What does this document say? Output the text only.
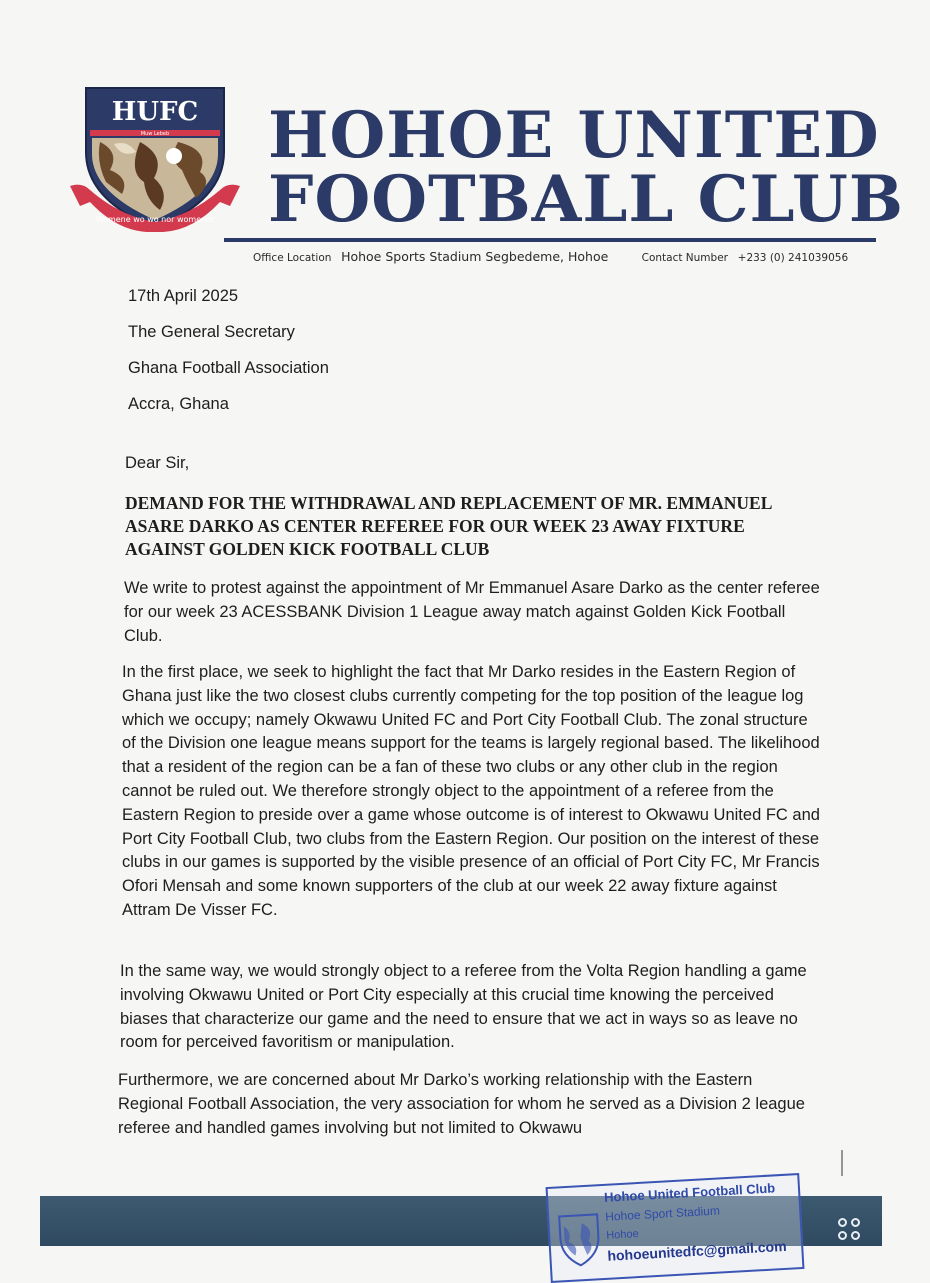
HUFC
Muw Lebeb
Womene wo wo nor womenor
HOHOE UNITED
FOOTBALL CLUB
Office Location Hohoe Sports Stadium Segbedeme, Hohoe	Contact Number +233 (0) 241039056
17th April 2025
The General Secretary
Ghana Football Association
Accra, Ghana
Dear Sir,
DEMAND FOR THE WITHDRAWAL AND REPLACEMENT OF MR. EMMANUEL ASARE DARKO AS CENTER REFEREE FOR OUR WEEK 23 AWAY FIXTURE AGAINST GOLDEN KICK FOOTBALL CLUB

We write to protest against the appointment of Mr Emmanuel Asare Darko as the center referee for our week 23 ACESSBANK Division 1 League away match against Golden Kick Football Club.

In the first place, we seek to highlight the fact that Mr Darko resides in the Eastern Region of Ghana just like the two closest clubs currently competing for the top position of the league log which we occupy; namely Okwawu United FC and Port City Football Club. The zonal structure of the Division one league means support for the teams is largely regional based. The likelihood that a resident of the region can be a fan of these two clubs or any other club in the region cannot be ruled out. We therefore strongly object to the appointment of a referee from the Eastern Region to preside over a game whose outcome is of interest to Okwawu United FC and Port City Football Club, two clubs from the Eastern Region. Our position on the interest of these clubs in our games is supported by the visible presence of an official of Port City FC, Mr Francis Ofori Mensah and some known supporters of the club at our week 22 away fixture against Attram De Visser FC.

In the same way, we would strongly object to a referee from the Volta Region handling a game involving Okwawu United or Port City especially at this crucial time knowing the perceived biases that characterize our game and the need to ensure that we act in ways so as leave no room for perceived favoritism or manipulation.

Furthermore, we are concerned about Mr Darko’s working relationship with the Eastern Regional Football Association, the very association for whom he served as a Division 2 league referee and handled games involving but not limited to Okwawu

Hohoe United Football Club
Hohoe Sport Stadium
Hohoe
hohoeunitedfc@gmail.com
